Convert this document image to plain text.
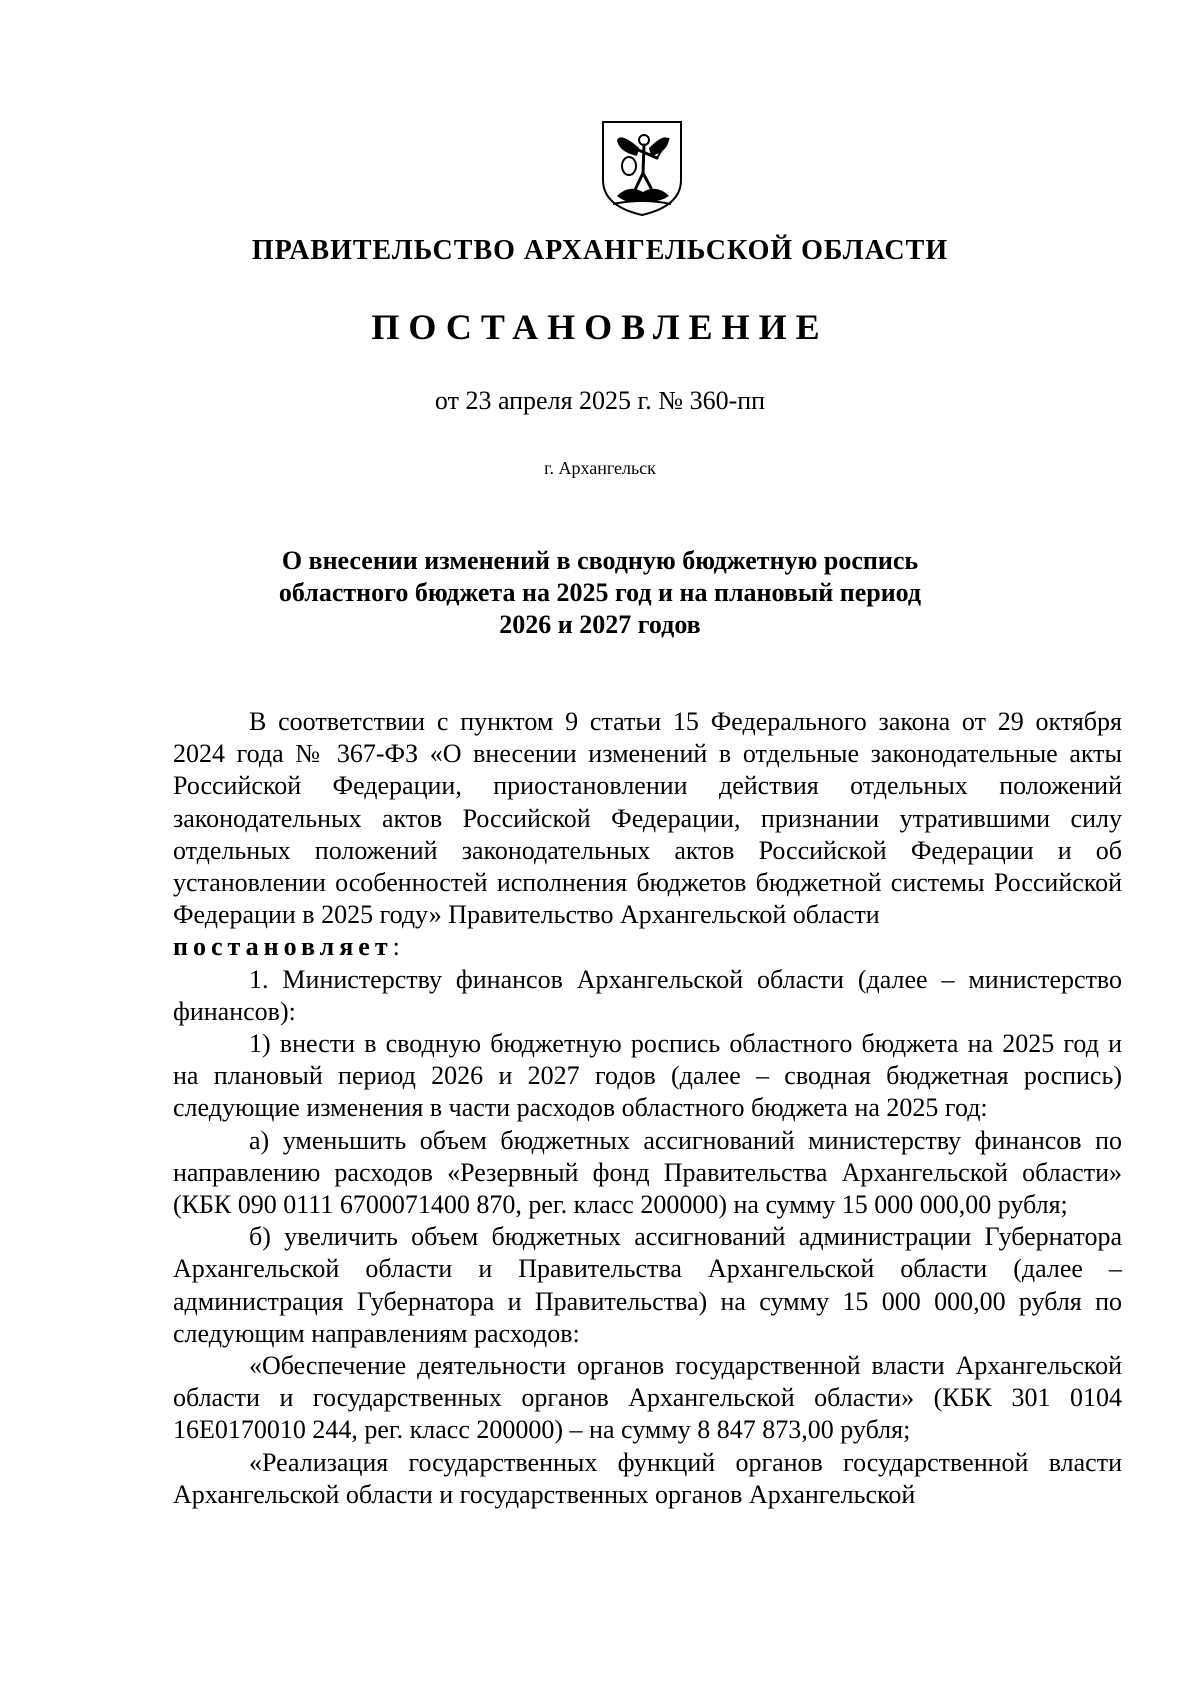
ПРАВИТЕЛЬСТВО АРХАНГЕЛЬСКОЙ ОБЛАСТИ
ПОСТАНОВЛЕНИЕ
от 23 апреля 2025 г. № 360-пп
г. Архангельск
О внесении изменений в сводную бюджетную роспись
областного бюджета на 2025 год и на плановый период
2026 и 2027 годов

В соответствии с пунктом 9 статьи 15 Федерального закона от 29 октября 2024 года № 367-ФЗ «О внесении изменений в отдельные законодательные акты Российской Федерации, приостановлении действия отдельных положений законодательных актов Российской Федерации, признании утратившими силу отдельных положений законодательных актов Российской Федерации и об установлении особенностей исполнения бюджетов бюджетной системы Российской Федерации в 2025 году» Правительство Архангельской области

постановляет:

1. Министерству финансов Архангельской области (далее – министерство финансов):

1) внести в сводную бюджетную роспись областного бюджета на 2025 год и на плановый период 2026 и 2027 годов (далее – сводная бюджетная роспись) следующие изменения в части расходов областного бюджета на 2025 год:

а) уменьшить объем бюджетных ассигнований министерству финансов по направлению расходов «Резервный фонд Правительства Архангельской области» (КБК 090 0111 6700071400 870, рег. класс 200000) на сумму 15 000 000,00 рубля;

б) увеличить объем бюджетных ассигнований администрации Губернатора Архангельской области и Правительства Архангельской области (далее – администрация Губернатора и Правительства) на сумму 15 000 000,00 рубля по следующим направлениям расходов:

«Обеспечение деятельности органов государственной власти Архангельской области и государственных органов Архангельской области» (КБК 301 0104 16Е0170010 244, рег. класс 200000) – на сумму 8 847 873,00 рубля;

«Реализация государственных функций органов государственной власти Архангельской области и государственных органов Архангельской
